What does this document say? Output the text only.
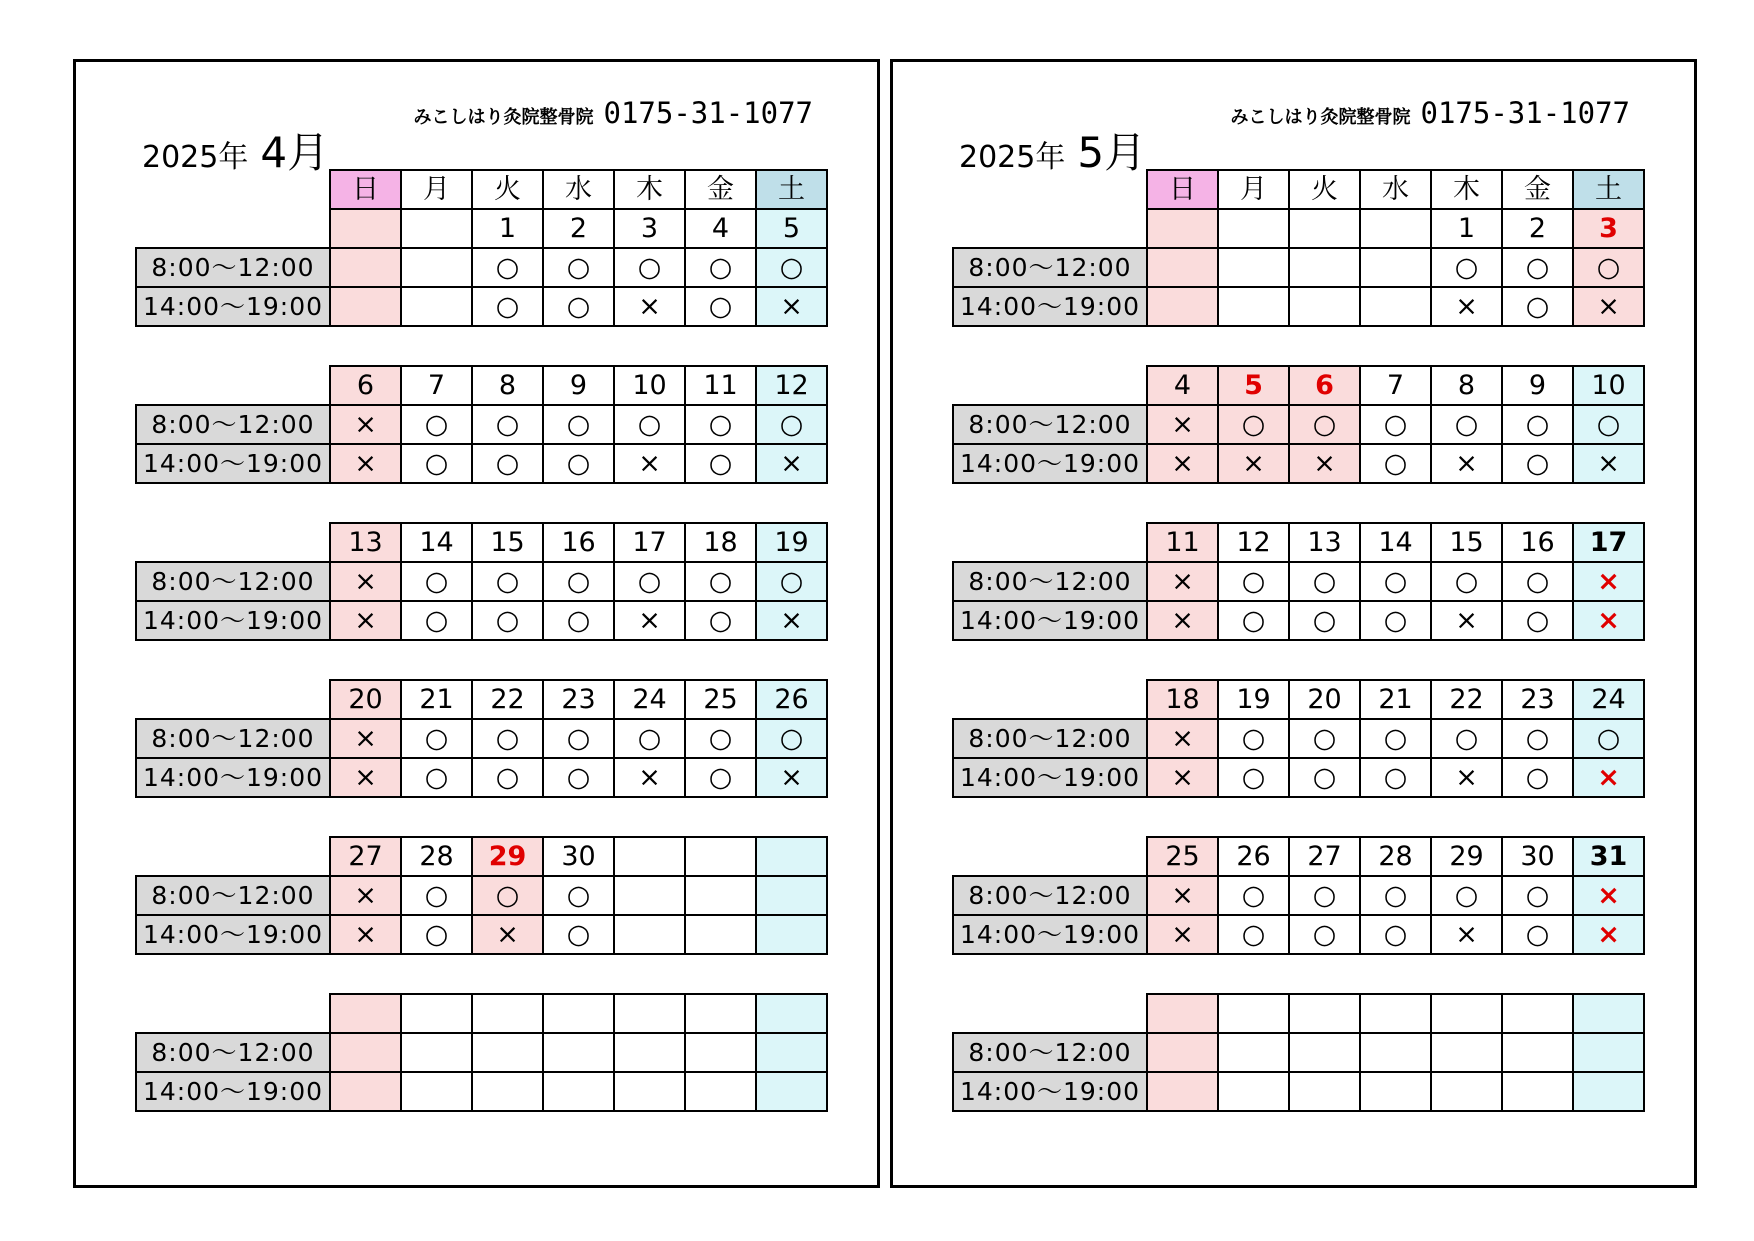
2025年 4月
みこしはり灸院整骨院 0175-31-1077
	日	月	火	水	木	金	土
			1	2	3	4	5
8:00～12:00			○	○	○	○	○
14:00～19:00			○	○	×	○	×

	6	7	8	9	10	11	12
8:00～12:00	×	○	○	○	○	○	○
14:00～19:00	×	○	○	○	×	○	×

	13	14	15	16	17	18	19
8:00～12:00	×	○	○	○	○	○	○
14:00～19:00	×	○	○	○	×	○	×

	20	21	22	23	24	25	26
8:00～12:00	×	○	○	○	○	○	○
14:00～19:00	×	○	○	○	×	○	×

	27	28	29	30			
8:00～12:00	×	○	○	○			
14:00～19:00	×	○	×	○			

8:00～12:00							
14:00～19:00							
2025年 5月
みこしはり灸院整骨院 0175-31-1077
	日	月	火	水	木	金	土
					1	2	3
8:00～12:00					○	○	○
14:00～19:00					×	○	×

	4	5	6	7	8	9	10
8:00～12:00	×	○	○	○	○	○	○
14:00～19:00	×	×	×	○	×	○	×

	11	12	13	14	15	16	17
8:00～12:00	×	○	○	○	○	○	×
14:00～19:00	×	○	○	○	×	○	×

	18	19	20	21	22	23	24
8:00～12:00	×	○	○	○	○	○	○
14:00～19:00	×	○	○	○	×	○	×

	25	26	27	28	29	30	31
8:00～12:00	×	○	○	○	○	○	×
14:00～19:00	×	○	○	○	×	○	×

8:00～12:00							
14:00～19:00							
